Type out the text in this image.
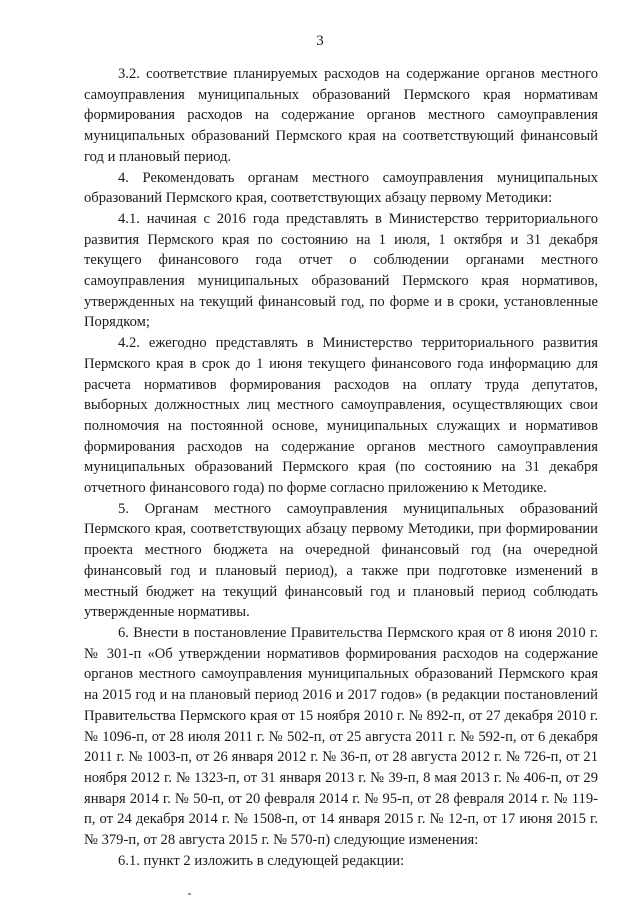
3

3.2. соответствие планируемых расходов на содержание органов местного самоуправления муниципальных образований Пермского края нормативам формирования расходов на содержание органов местного самоуправления муниципальных образований Пермского края на соответствующий финансовый год и плановый период.

4. Рекомендовать органам местного самоуправления муниципальных образований Пермского края, соответствующих абзацу первому Методики:

4.1. начиная с 2016 года представлять в Министерство территориального развития Пермского края по состоянию на 1 июля, 1 октября и 31 декабря текущего финансового года отчет о соблюдении органами местного самоуправления муниципальных образований Пермского края нормативов, утвержденных на текущий финансовый год, по форме и в сроки, установленные Порядком;

4.2. ежегодно представлять в Министерство территориального развития Пермского края в срок до 1 июня текущего финансового года информацию для расчета нормативов формирования расходов на оплату труда депутатов, выборных должностных лиц местного самоуправления, осуществляющих свои полномочия на постоянной основе, муниципальных служащих и нормативов формирования расходов на содержание органов местного самоуправления муниципальных образований Пермского края (по состоянию на 31 декабря отчетного финансового года) по форме согласно приложению к Методике.

5. Органам местного самоуправления муниципальных образований Пермского края, соответствующих абзацу первому Методики, при формировании проекта местного бюджета на очередной финансовый год (на очередной финансовый год и плановый период), а также при подготовке изменений в местный бюджет на текущий финансовый год и плановый период соблюдать утвержденные нормативы.

6. Внести в постановление Правительства Пермского края от 8 июня 2010 г. № 301-п «Об утверждении нормативов формирования расходов на содержание органов местного самоуправления муниципальных образований Пермского края на 2015 год и на плановый период 2016 и 2017 годов» (в редакции постановлений Правительства Пермского края от 15 ноября 2010 г. № 892-п, от 27 декабря 2010 г. № 1096-п, от 28 июля 2011 г. № 502-п, от 25 августа 2011 г. № 592-п, от 6 декабря 2011 г. № 1003-п, от 26 января 2012 г. № 36-п, от 28 августа 2012 г. № 726-п, от 21 ноября 2012 г. № 1323-п, от 31 января 2013 г. № 39-п, 8 мая 2013 г. № 406-п, от 29 января 2014 г. № 50-п, от 20 февраля 2014 г. № 95-п, от 28 февраля 2014 г. № 119-п, от 24 декабря 2014 г. № 1508-п, от 14 января 2015 г. № 12-п, от 17 июня 2015 г. № 379-п, от 28 августа 2015 г. № 570-п) следующие изменения:

6.1. пункт 2 изложить в следующей редакции:
